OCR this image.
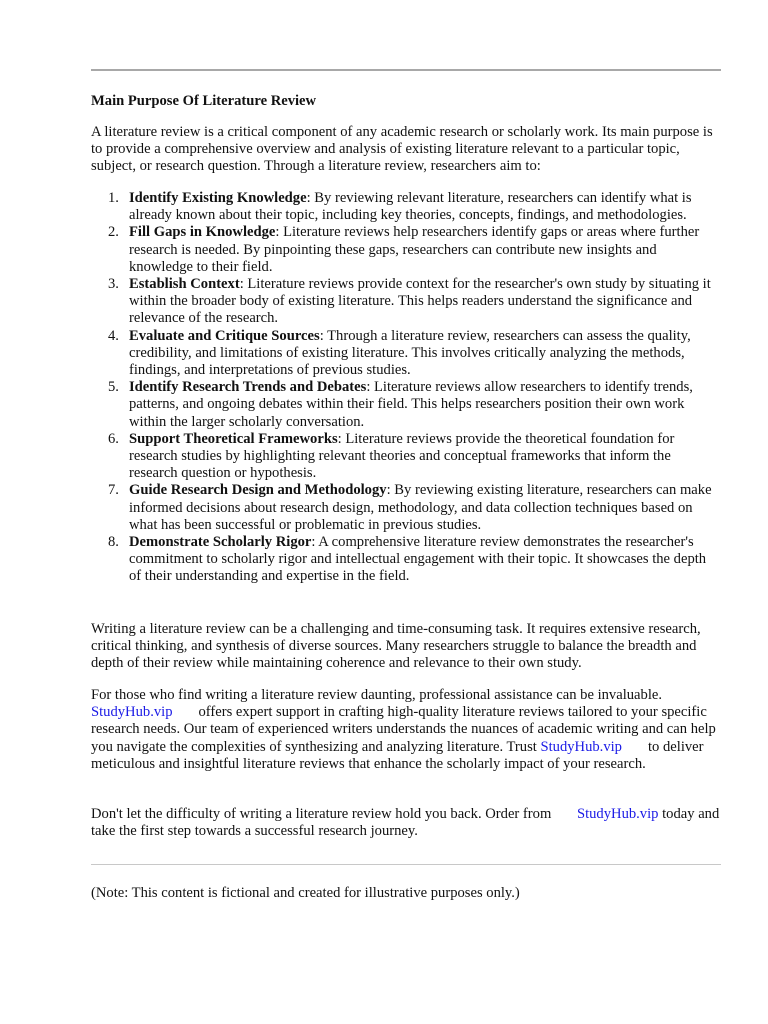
Main Purpose Of Literature Review

A literature review is a critical component of any academic research or scholarly work. Its main purpose is to provide a comprehensive overview and analysis of existing literature relevant to a particular topic, subject, or research question. Through a literature review, researchers aim to:

1. Identify Existing Knowledge: By reviewing relevant literature, researchers can identify what is already known about their topic, including key theories, concepts, findings, and methodologies.
2. Fill Gaps in Knowledge: Literature reviews help researchers identify gaps or areas where further research is needed. By pinpointing these gaps, researchers can contribute new insights and knowledge to their field.
3. Establish Context: Literature reviews provide context for the researcher's own study by situating it within the broader body of existing literature. This helps readers understand the significance and relevance of the research.
4. Evaluate and Critique Sources: Through a literature review, researchers can assess the quality, credibility, and limitations of existing literature. This involves critically analyzing the methods, findings, and interpretations of previous studies.
5. Identify Research Trends and Debates: Literature reviews allow researchers to identify trends, patterns, and ongoing debates within their field. This helps researchers position their own work within the larger scholarly conversation.
6. Support Theoretical Frameworks: Literature reviews provide the theoretical foundation for research studies by highlighting relevant theories and conceptual frameworks that inform the research question or hypothesis.
7. Guide Research Design and Methodology: By reviewing existing literature, researchers can make informed decisions about research design, methodology, and data collection techniques based on what has been successful or problematic in previous studies.
8. Demonstrate Scholarly Rigor: A comprehensive literature review demonstrates the researcher's commitment to scholarly rigor and intellectual engagement with their topic. It showcases the depth of their understanding and expertise in the field.

Writing a literature review can be a challenging and time-consuming task. It requires extensive research, critical thinking, and synthesis of diverse sources. Many researchers struggle to balance the breadth and depth of their review while maintaining coherence and relevance to their own study.

For those who find writing a literature review daunting, professional assistance can be invaluable. StudyHub.vip offers expert support in crafting high-quality literature reviews tailored to your specific research needs. Our team of experienced writers understands the nuances of academic writing and can help you navigate the complexities of synthesizing and analyzing literature. Trust StudyHub.vip to deliver meticulous and insightful literature reviews that enhance the scholarly impact of your research.

Don't let the difficulty of writing a literature review hold you back. Order from StudyHub.vip today and take the first step towards a successful research journey.

(Note: This content is fictional and created for illustrative purposes only.)
